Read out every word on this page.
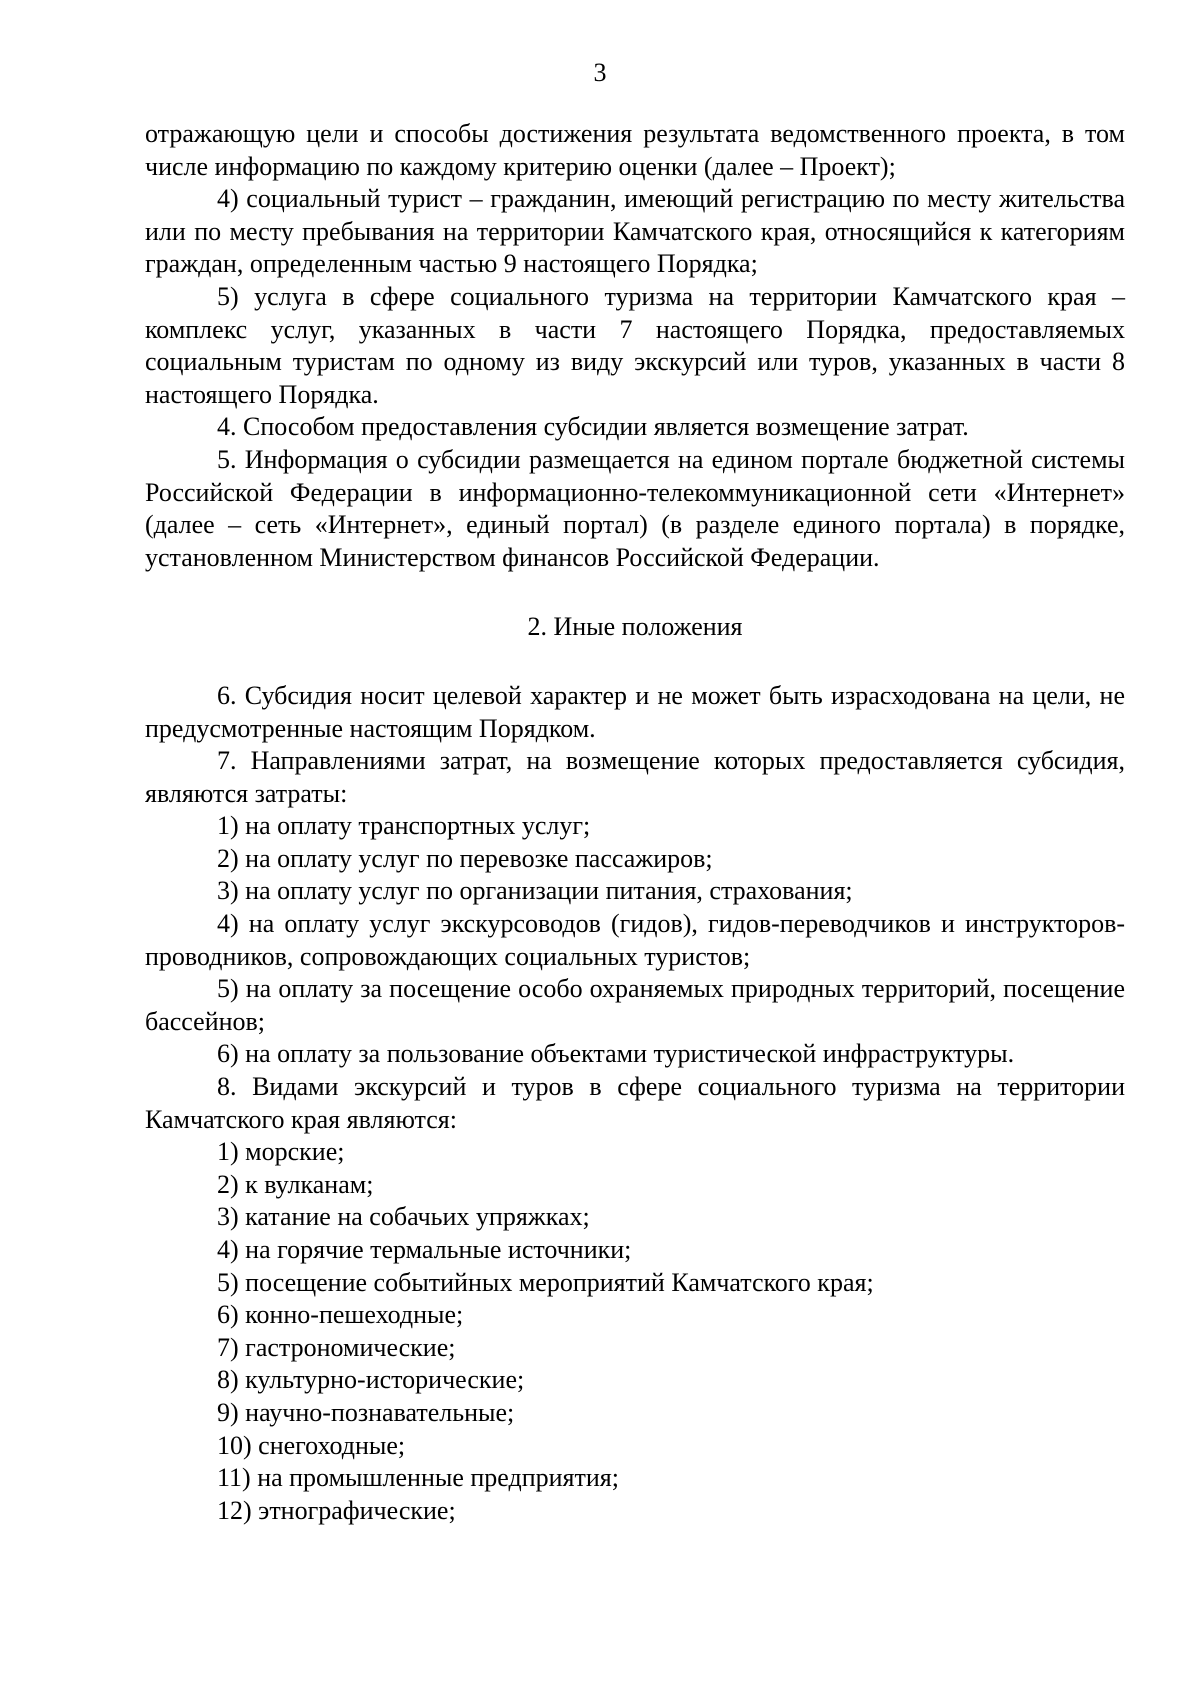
3

отражающую цели и способы достижения результата ведомственного проекта, в том числе информацию по каждому критерию оценки (далее – Проект);

4) социальный турист – гражданин, имеющий регистрацию по месту жительства или по месту пребывания на территории Камчатского края, относящийся к категориям граждан, определенным частью 9 настоящего Порядка;

5) услуга в сфере социального туризма на территории Камчатского края – комплекс услуг, указанных в части 7 настоящего Порядка, предоставляемых социальным туристам по одному из виду экскурсий или туров, указанных в части 8 настоящего Порядка.

4. Способом предоставления субсидии является возмещение затрат.

5. Информация о субсидии размещается на едином портале бюджетной системы Российской Федерации в информационно-телекоммуникационной сети «Интернет» (далее – сеть «Интернет», единый портал) (в разделе единого портала) в порядке, установленном Министерством финансов Российской Федерации.

2. Иные положения

6. Субсидия носит целевой характер и не может быть израсходована на цели, не предусмотренные настоящим Порядком.

7. Направлениями затрат, на возмещение которых предоставляется субсидия, являются затраты:

1) на оплату транспортных услуг;

2) на оплату услуг по перевозке пассажиров;

3) на оплату услуг по организации питания, страхования;

4) на оплату услуг экскурсоводов (гидов), гидов-переводчиков и инструкторов-проводников, сопровождающих социальных туристов;

5) на оплату за посещение особо охраняемых природных территорий, посещение бассейнов;

6) на оплату за пользование объектами туристической инфраструктуры.

8. Видами экскурсий и туров в сфере социального туризма на территории Камчатского края являются:

1) морские;

2) к вулканам;

3) катание на собачьих упряжках;

4) на горячие термальные источники;

5) посещение событийных мероприятий Камчатского края;

6) конно-пешеходные;

7) гастрономические;

8) культурно-исторические;

9) научно-познавательные;

10) снегоходные;

11) на промышленные предприятия;

12) этнографические;
